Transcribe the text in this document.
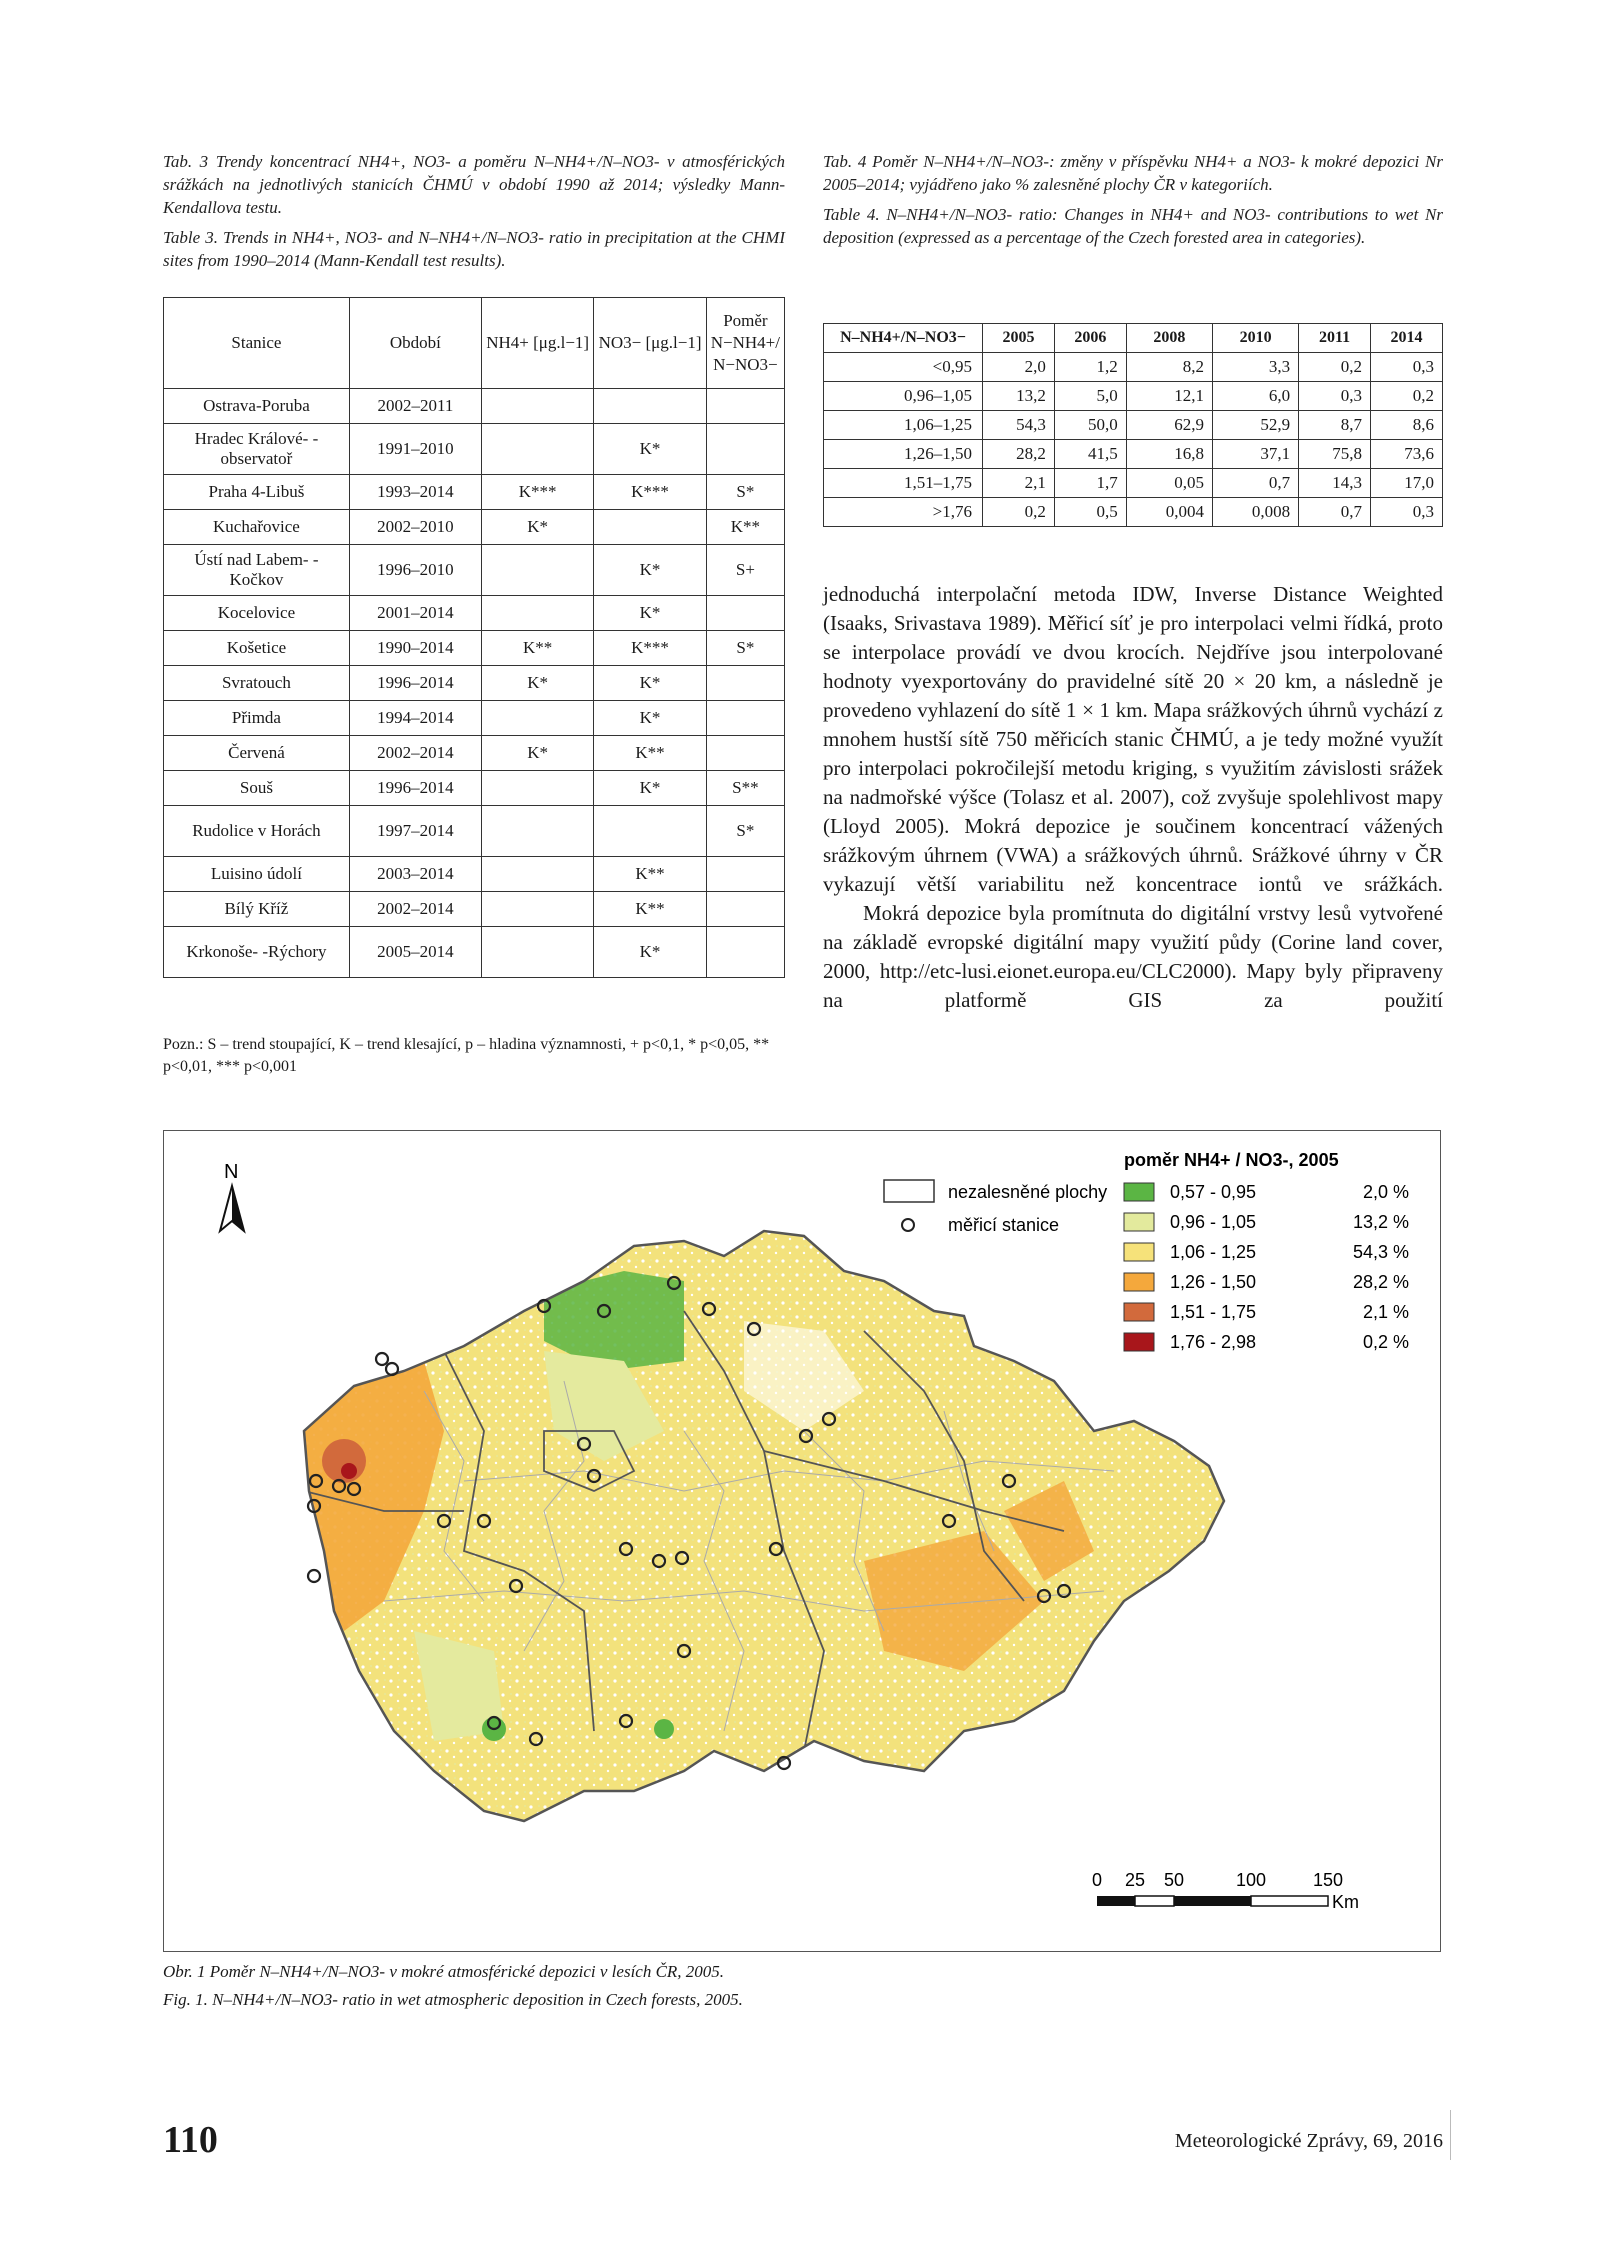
Tab. 3 Trendy koncentrací NH4+, NO3- a poměru N–NH4+/N–NO3- v atmosférických srážkách na jednotlivých stanicích ČHMÚ v období 1990 až 2014; výsledky Mann-Kendallova testu.

Table 3. Trends in NH4+, NO3- and N–NH4+/N–NO3- ratio in precipitation at the CHMI sites from 1990–2014 (Mann-Kendall test results).

Stanice	Období	NH4+ [μg.l−1]	NO3− [μg.l−1]	Poměr N−NH4+/ N−NO3−
Ostrava-Poruba	2002–2011			
Hradec Králové- -observatoř	1991–2010		K*	
Praha 4-Libuš	1993–2014	K***	K***	S*
Kuchařovice	2002–2010	K*		K**
Ústí nad Labem- -Kočkov	1996–2010		K*	S+
Kocelovice	2001–2014		K*	
Košetice	1990–2014	K**	K***	S*
Svratouch	1996–2014	K*	K*	
Přimda	1994–2014		K*	
Červená	2002–2014	K*	K**	
Souš	1996–2014		K*	S**
Rudolice v Horách	1997–2014			S*
Luisino údolí	2003–2014		K**	
Bílý Kříž	2002–2014		K**	
Krkonoše- -Rýchory	2005–2014		K*	
Pozn.: S – trend stoupající, K – trend klesající, p – hladina významnosti, + p<0,1, * p<0,05, ** p<0,01, *** p<0,001

Tab. 4 Poměr N–NH4+/N–NO3-: změny v příspěvku NH4+ a NO3- k mokré depozici Nr 2005–2014; vyjádřeno jako % zalesněné plochy ČR v kategoriích.

Table 4. N–NH4+/N–NO3- ratio: Changes in NH4+ and NO3- contributions to wet Nr deposition (expressed as a percentage of the Czech forested area in categories).

N–NH4+/N–NO3−	2005	2006	2008	2010	2011	2014
<0,95	2,0	1,2	8,2	3,3	0,2	0,3
0,96–1,05	13,2	5,0	12,1	6,0	0,3	0,2
1,06–1,25	54,3	50,0	62,9	52,9	8,7	8,6
1,26–1,50	28,2	41,5	16,8	37,1	75,8	73,6
1,51–1,75	2,1	1,7	0,05	0,7	14,3	17,0
>1,76	0,2	0,5	0,004	0,008	0,7	0,3

jednoduchá interpolační metoda IDW, Inverse Distance Weighted (Isaaks, Srivastava 1989). Měřicí síť je pro interpolaci velmi řídká, proto se interpolace provádí ve dvou krocích. Nejdříve jsou interpolované hodnoty vyexportovány do pravidelné sítě 20 × 20 km, a následně je provedeno vyhlazení do sítě 1 × 1 km. Mapa srážkových úhrnů vychází z mnohem hustší sítě 750 měřicích stanic ČHMÚ, a je tedy možné využít pro interpolaci pokročilejší metodu kriging, s využitím závislosti srážek na nadmořské výšce (Tolasz et al. 2007), což zvyšuje spolehlivost mapy (Lloyd 2005). Mokrá depozice je součinem koncentrací vážených srážkovým úhrnem (VWA) a srážkových úhrnů. Srážkové úhrny v ČR vykazují větší variabilitu než koncentrace iontů ve srážkách.

Mokrá depozice byla promítnuta do digitální vrstvy lesů vytvořené na základě evropské digitální mapy využití půdy (Corine land cover, 2000, http://etc-lusi.eionet.europa.eu/CLC2000). Mapy byly připraveny na platformě GIS za použití

N
nezalesněné plochy
měřicí stanice
poměr NH4+ / NO3-, 2005
0,57 - 0,95	2,0 %
0,96 - 1,05	13,2 %
1,06 - 1,25	54,3 %
1,26 - 1,50	28,2 %
1,51 - 1,75	2,1 %
1,76 - 2,98	0,2 %
0 25 50	100	150
Km
Obr. 1 Poměr N–NH4+/N–NO3- v mokré atmosférické depozici v lesích ČR, 2005.
Fig. 1. N–NH4+/N–NO3- ratio in wet atmospheric deposition in Czech forests, 2005.
110	Meteorologické Zprávy, 69, 2016
